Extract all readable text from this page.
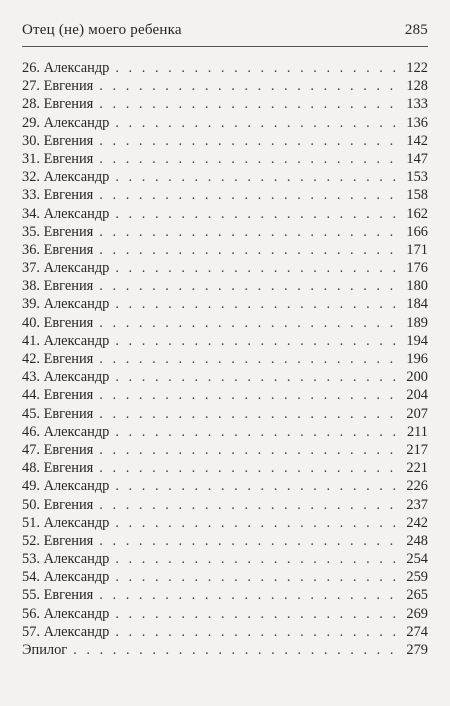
Отец (не) моего ребенка	285
26. Александр . . .	122
27. Евгения . . .	128
28. Евгения . . .	133
29. Александр . . .	136
30. Евгения . . .	142
31. Евгения . . .	147
32. Александр . . .	153
33. Евгения . . .	158
34. Александр . . .	162
35. Евгения . . .	166
36. Евгения . . .	171
37. Александр . . .	176
38. Евгения . . .	180
39. Александр . . .	184
40. Евгения . . .	189
41. Александр . . .	194
42. Евгения . . .	196
43. Александр . . .	200
44. Евгения . . .	204
45. Евгения . . .	207
46. Александр . . .	211
47. Евгения . . .	217
48. Евгения . . .	221
49. Александр . . .	226
50. Евгения . . .	237
51. Александр . . .	242
52. Евгения . . .	248
53. Александр . . .	254
54. Александр . . .	259
55. Евгения . . .	265
56. Александр . . .	269
57. Александр . . .	274
Эпилог . . .	279
